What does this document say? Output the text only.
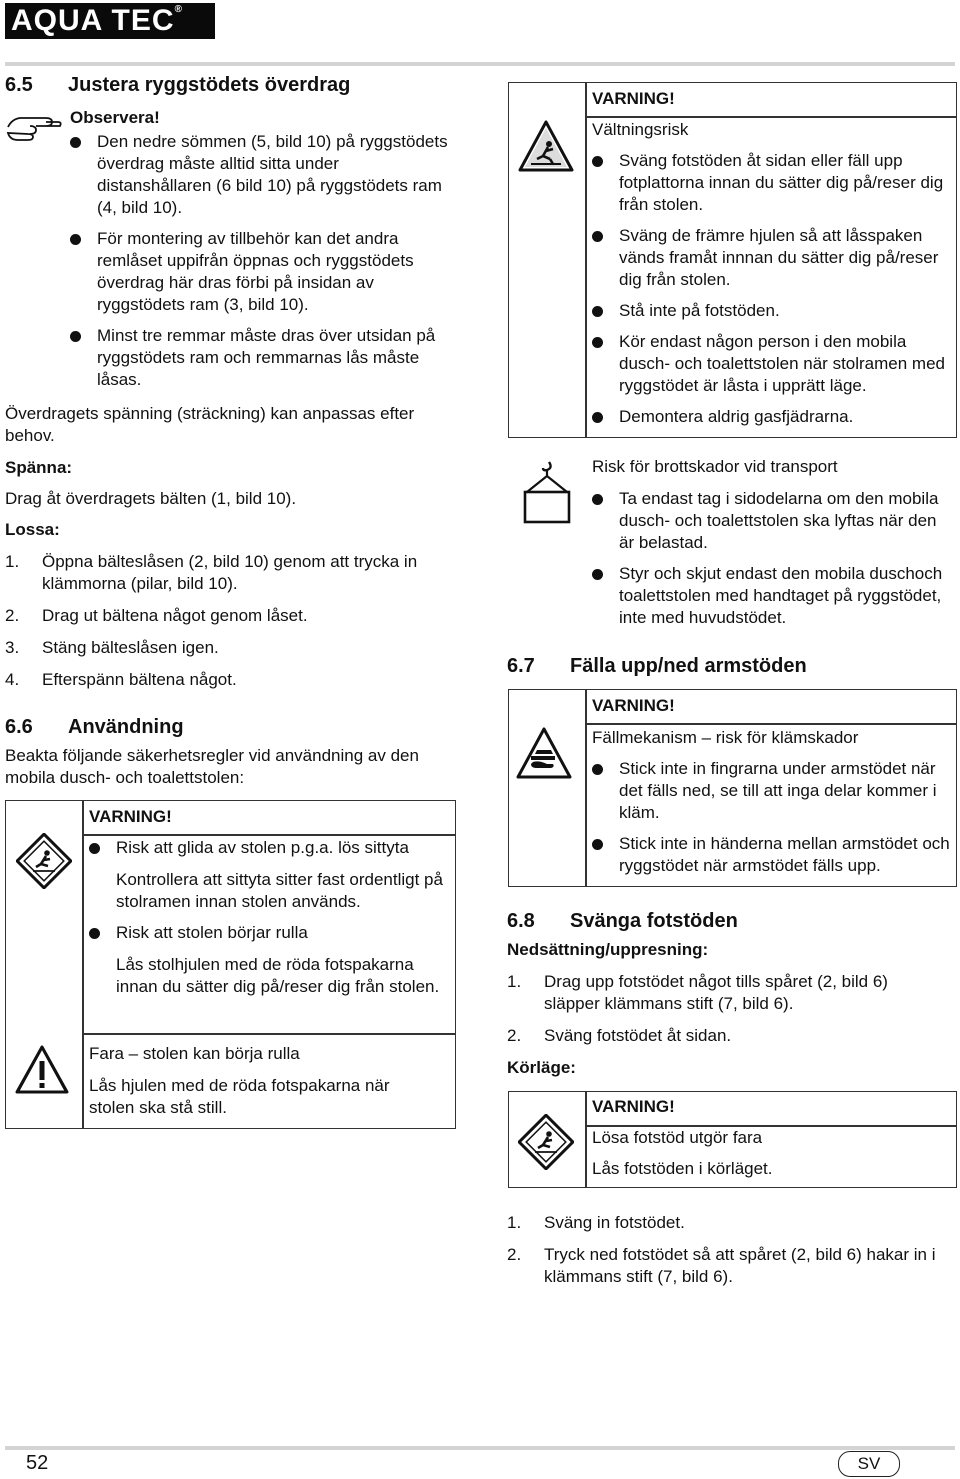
AQUA TEC®
6.5 Justera ryggstödets överdrag
Observera!
Den nedre sömmen (5, bild 10) på ryggstödets överdrag måste alltid sitta under distanshållaren (6 bild 10) på ryggstödets ram (4, bild 10).
För montering av tillbehör kan det andra remlåset uppifrån öppnas och ryggstödets överdrag här dras förbi på insidan av ryggstödets ram (3, bild 10).
Minst tre remmar måste dras över utsidan på ryggstödets ram och remmarnas lås måste låsas.
Överdragets spänning (sträckning) kan anpassas efter behov.
Spänna:
Drag åt överdragets bälten (1, bild 10).
Lossa:
1. Öppna bälteslåsen (2, bild 10) genom att trycka in klämmorna (pilar, bild 10).
2. Drag ut bältena något genom låset.
3. Stäng bälteslåsen igen.
4. Efterspänn bältena något.
6.6 Användning
Beakta följande säkerhetsregler vid användning av den mobila dusch- och toalettstolen:
VARNING!
Risk att glida av stolen p.g.a. lös sittyta
Kontrollera att sittyta sitter fast ordentligt på stolramen innan stolen används.
Risk att stolen börjar rulla
Lås stolhjulen med de röda fotspakarna innan du sätter dig på/reser dig från stolen.
Fara – stolen kan börja rulla
Lås hjulen med de röda fotspakarna när stolen ska stå still.
VARNING!
Vältningsrisk
Sväng fotstöden åt sidan eller fäll upp fotplattorna innan du sätter dig på/reser dig från stolen.
Sväng de främre hjulen så att låsspaken vänds framåt innnan du sätter dig på/reser dig från stolen.
Stå inte på fotstöden.
Kör endast någon person i den mobila dusch- och toalettstolen när stolramen med ryggstödet är låsta i upprätt läge.
Demontera aldrig gasfjädrarna.
Risk för brottskador vid transport
Ta endast tag i sidodelarna om den mobila dusch- och toalettstolen ska lyftas när den är belastad.
Styr och skjut endast den mobila duschoch toalettstolen med handtaget på ryggstödet, inte med huvudstödet.
6.7 Fälla upp/ned armstöden
VARNING!
Fällmekanism – risk för klämskador
Stick inte in fingrarna under armstödet när det fälls ned, se till att inga delar kommer i kläm.
Stick inte in händerna mellan armstödet och ryggstödet när armstödet fälls upp.
6.8 Svänga fotstöden
Nedsättning/uppresning:
1. Drag upp fotstödet något tills spåret (2, bild 6) släpper klämmans stift (7, bild 6).
2. Sväng fotstödet åt sidan.
Körläge:
VARNING!
Lösa fotstöd utgör fara
Lås fotstöden i körläget.
1. Sväng in fotstödet.
2. Tryck ned fotstödet så att spåret (2, bild 6) hakar in i klämmans stift (7, bild 6).
52	SV
